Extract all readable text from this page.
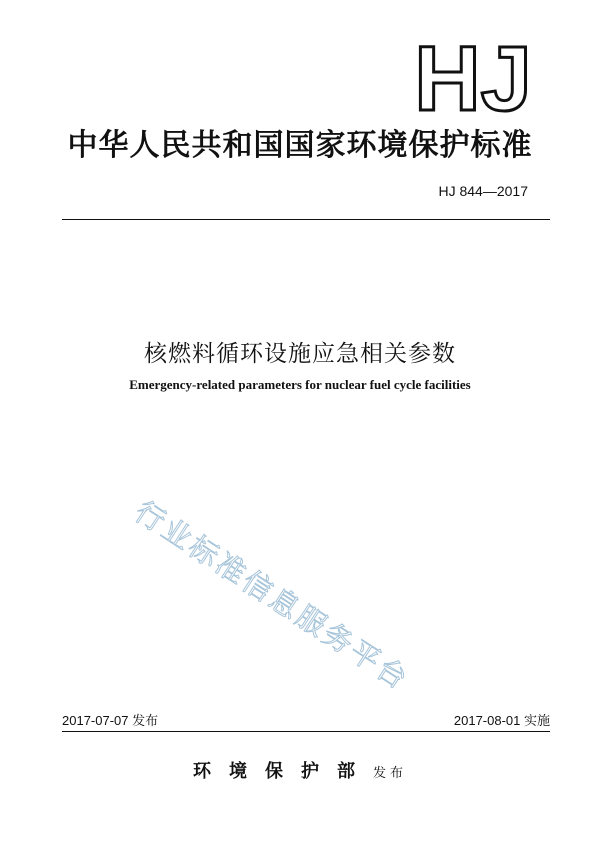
HJ
中华人民共和国国家环境保护标准
HJ 844—2017
核燃料循环设施应急相关参数
Emergency-related parameters for nuclear fuel cycle facilities
行业标准信息服务平台
2017-07-07 发布	2017-08-01 实施
环境保护部发布
